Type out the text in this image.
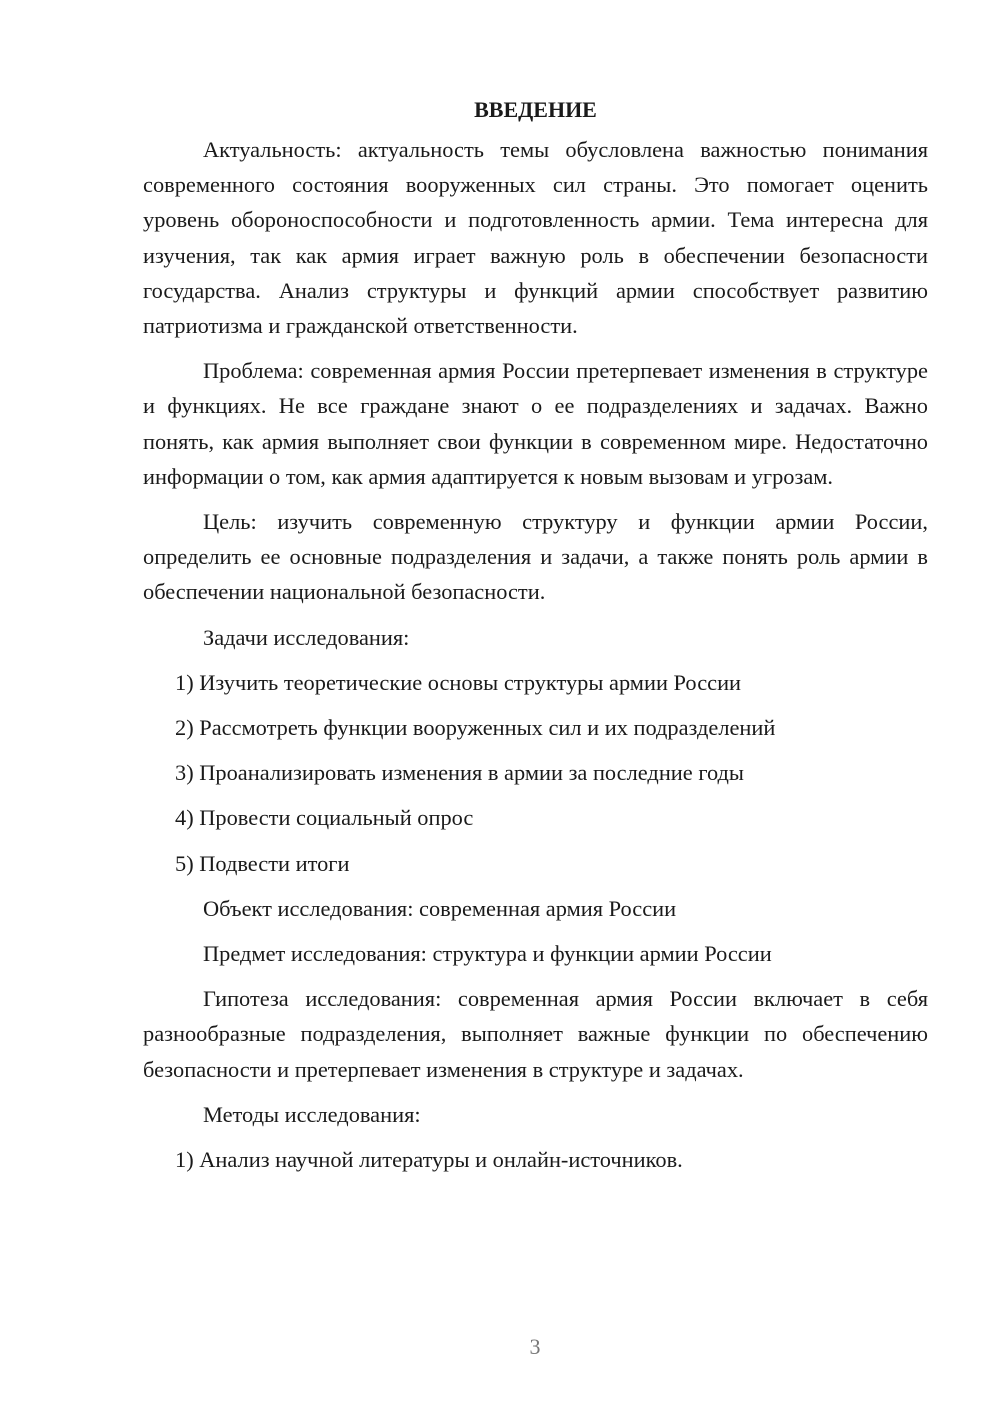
ВВЕДЕНИЕ

Актуальность: актуальность темы обусловлена важностью понимания современного состояния вооруженных сил страны. Это помогает оценить уровень обороноспособности и подготовленность армии. Тема интересна для изучения, так как армия играет важную роль в обеспечении безопасности государства. Анализ структуры и функций армии способствует развитию патриотизма и гражданской ответственности.

Проблема: современная армия России претерпевает изменения в структуре и функциях. Не все граждане знают о ее подразделениях и задачах. Важно понять, как армия выполняет свои функции в современном мире. Недостаточно информации о том, как армия адаптируется к новым вызовам и угрозам.

Цель: изучить современную структуру и функции армии России, определить ее основные подразделения и задачи, а также понять роль армии в обеспечении национальной безопасности.

Задачи исследования:

1) Изучить теоретические основы структуры армии России

2) Рассмотреть функции вооруженных сил и их подразделений

3) Проанализировать изменения в армии за последние годы

4) Провести социальный опрос

5) Подвести итоги

Объект исследования: современная армия России

Предмет исследования: структура и функции армии России

Гипотеза исследования: современная армия России включает в себя разнообразные подразделения, выполняет важные функции по обеспечению безопасности и претерпевает изменения в структуре и задачах.

Методы исследования:

1) Анализ научной литературы и онлайн-источников.

3
